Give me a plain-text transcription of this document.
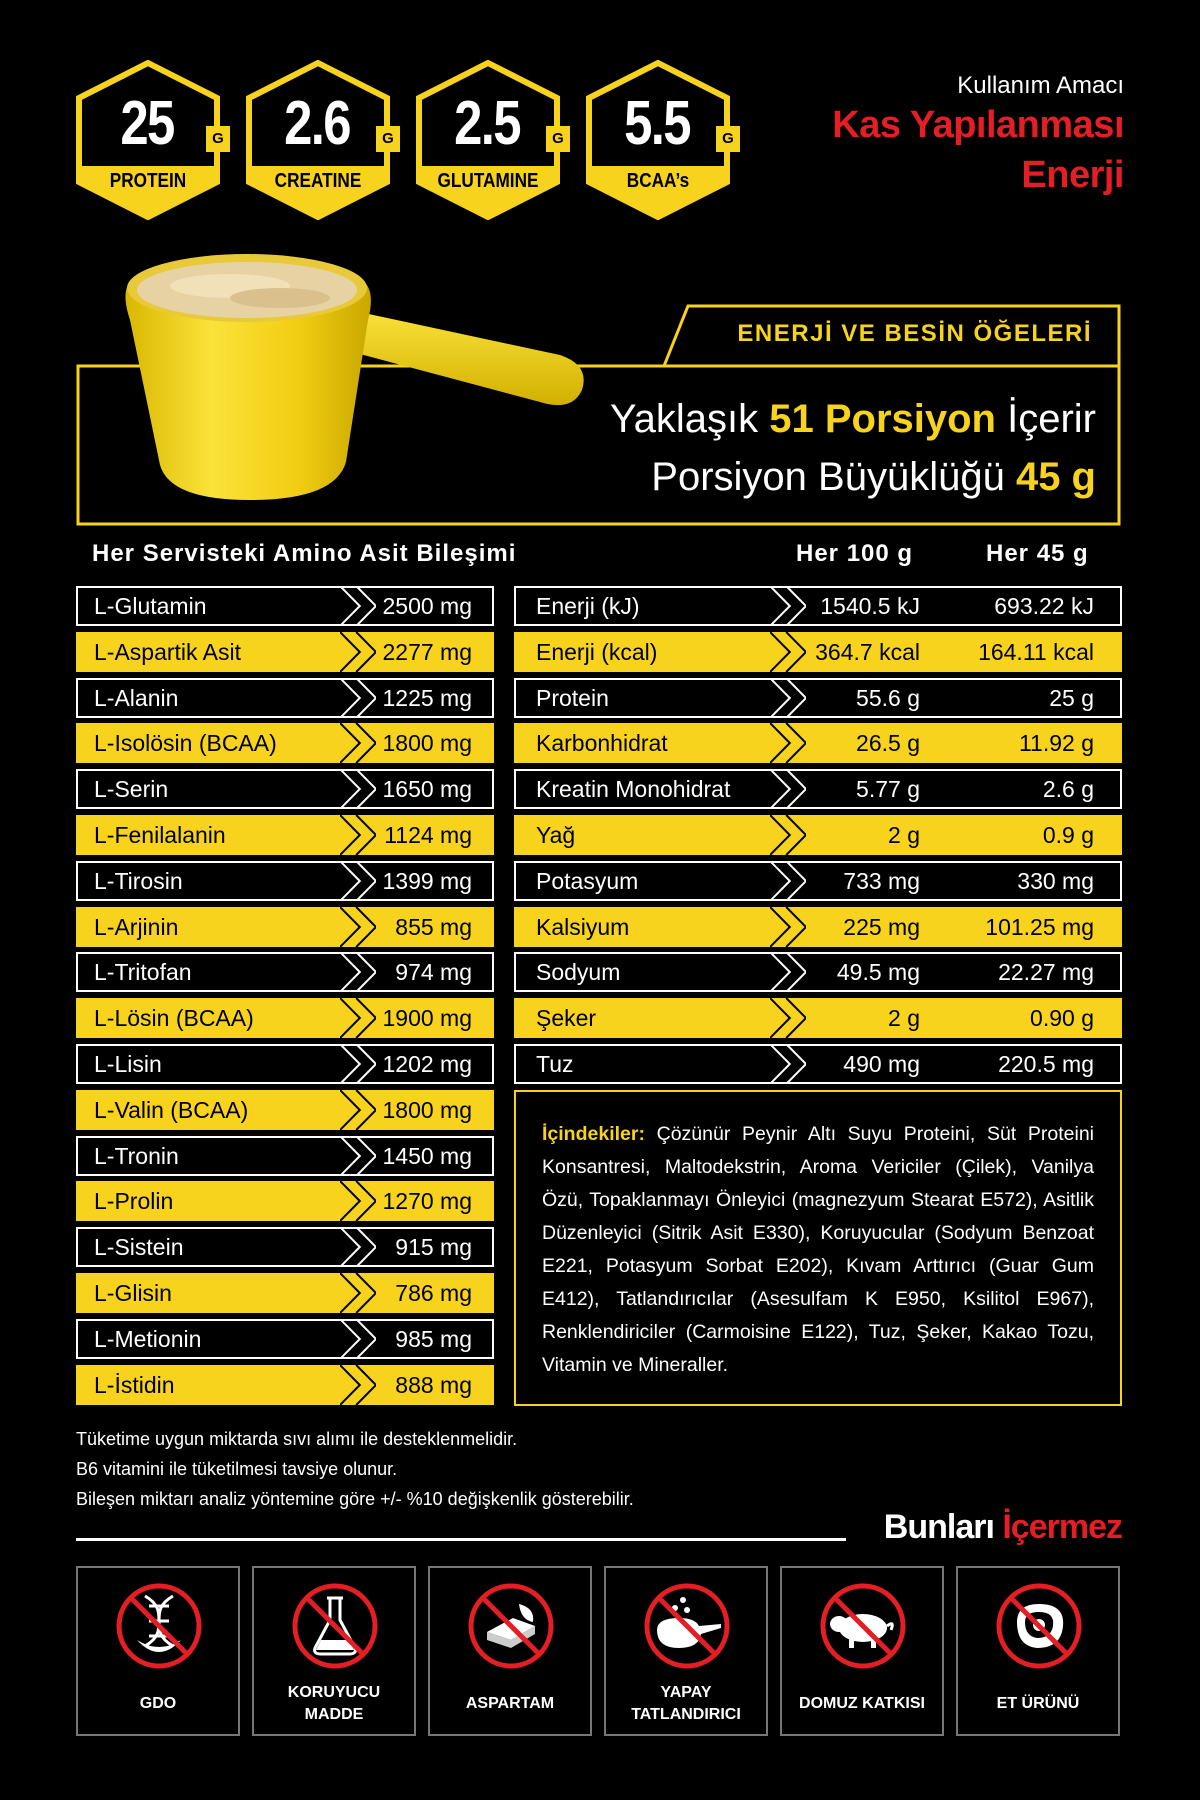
25	G
PROTEIN
2.6	G
CREATINE
2.5	G
GLUTAMINE
5.5	G
BCAA’s
Kullanım Amacı
Kas Yapılanması
Enerji
ENERJİ VE BESİN ÖĞELERİ
Yaklaşık 51 Porsiyon İçerir
Porsiyon Büyüklüğü 45 g
Her Servisteki Amino Asit Bileşimi	Her 100 g	Her 45 g
L-Glutamin	2500 mg
L-Aspartik Asit	2277 mg
L-Alanin	1225 mg
L-Isolösin (BCAA)	1800 mg
L-Serin	1650 mg
L-Fenilalanin	1124 mg
L-Tirosin	1399 mg
L-Arjinin	855 mg
L-Tritofan	974 mg
L-Lösin (BCAA)	1900 mg
L-Lisin	1202 mg
L-Valin (BCAA)	1800 mg
L-Tronin	1450 mg
L-Prolin	1270 mg
L-Sistein	915 mg
L-Glisin	786 mg
L-Metionin	985 mg
L-İstidin	888 mg
Enerji (kJ)	1540.5 kJ	693.22 kJ
Enerji (kcal)	364.7 kcal	164.11 kcal
Protein	55.6 g	25 g
Karbonhidrat	26.5 g	11.92 g
Kreatin Monohidrat	5.77 g	2.6 g
Yağ	2 g	0.9 g
Potasyum	733 mg	330 mg
Kalsiyum	225 mg	101.25 mg
Sodyum	49.5 mg	22.27 mg
Şeker	2 g	0.90 g
Tuz	490 mg	220.5 mg
İçindekiler: Çözünür Peynir Altı Suyu Proteini, Süt Proteini Konsantresi, Maltodekstrin, Aroma Vericiler (Çilek), Vanilya Özü, Topaklanmayı Önleyici (magnezyum Stearat E572), Asitlik Düzenleyici (Sitrik Asit E330), Koruyucular (Sodyum Benzoat E221, Potasyum Sorbat E202), Kıvam Arttırıcı (Guar Gum E412), Tatlandırıcılar (Asesulfam K E950, Ksilitol E967), Renklendiriciler (Carmoisine E122), Tuz, Şeker, Kakao Tozu, Vitamin ve Mineraller.
Tüketime uygun miktarda sıvı alımı ile desteklenmelidir.
B6 vitamini ile tüketilmesi tavsiye olunur.
Bileşen miktarı analiz yöntemine göre +/- %10 değişkenlik gösterebilir.
Bunları İçermez
GDO
KORUYUCU
MADDE
ASPARTAM
YAPAY
TATLANDIRICI
DOMUZ KATKISI	ET ÜRÜNÜ
